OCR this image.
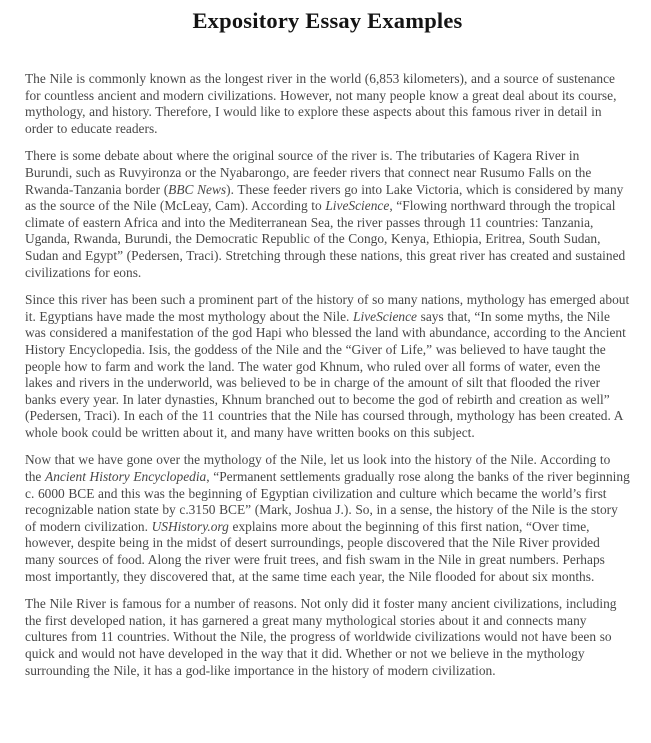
Expository Essay Examples

The Nile is commonly known as the longest river in the world (6,853 kilometers), and a source of sustenance for countless ancient and modern civilizations. However, not many people know a great deal about its course, mythology, and history. Therefore, I would like to explore these aspects about this famous river in detail in order to educate readers.

There is some debate about where the original source of the river is. The tributaries of Kagera River in Burundi, such as Ruvyironza or the Nyabarongo, are feeder rivers that connect near Rusumo Falls on the Rwanda-Tanzania border (BBC News). These feeder rivers go into Lake Victoria, which is considered by many as the source of the Nile (McLeay, Cam). According to LiveScience, “Flowing northward through the tropical climate of eastern Africa and into the Mediterranean Sea, the river passes through 11 countries: Tanzania, Uganda, Rwanda, Burundi, the Democratic Republic of the Congo, Kenya, Ethiopia, Eritrea, South Sudan, Sudan and Egypt” (Pedersen, Traci). Stretching through these nations, this great river has created and sustained civilizations for eons.

Since this river has been such a prominent part of the history of so many nations, mythology has emerged about it. Egyptians have made the most mythology about the Nile. LiveScience says that, “In some myths, the Nile was considered a manifestation of the god Hapi who blessed the land with abundance, according to the Ancient History Encyclopedia. Isis, the goddess of the Nile and the “Giver of Life,” was believed to have taught the people how to farm and work the land. The water god Khnum, who ruled over all forms of water, even the lakes and rivers in the underworld, was believed to be in charge of the amount of silt that flooded the river banks every year. In later dynasties, Khnum branched out to become the god of rebirth and creation as well” (Pedersen, Traci). In each of the 11 countries that the Nile has coursed through, mythology has been created. A whole book could be written about it, and many have written books on this subject.

Now that we have gone over the mythology of the Nile, let us look into the history of the Nile. According to the Ancient History Encyclopedia, “Permanent settlements gradually rose along the banks of the river beginning c. 6000 BCE and this was the beginning of Egyptian civilization and culture which became the world’s first recognizable nation state by c.3150 BCE” (Mark, Joshua J.). So, in a sense, the history of the Nile is the story of modern civilization. USHistory.org explains more about the beginning of this first nation, “Over time, however, despite being in the midst of desert surroundings, people discovered that the Nile River provided many sources of food. Along the river were fruit trees, and fish swam in the Nile in great numbers. Perhaps most importantly, they discovered that, at the same time each year, the Nile flooded for about six months.

The Nile River is famous for a number of reasons. Not only did it foster many ancient civilizations, including the first developed nation, it has garnered a great many mythological stories about it and connects many cultures from 11 countries. Without the Nile, the progress of worldwide civilizations would not have been so quick and would not have developed in the way that it did. Whether or not we believe in the mythology surrounding the Nile, it has a god-like importance in the history of modern civilization.
